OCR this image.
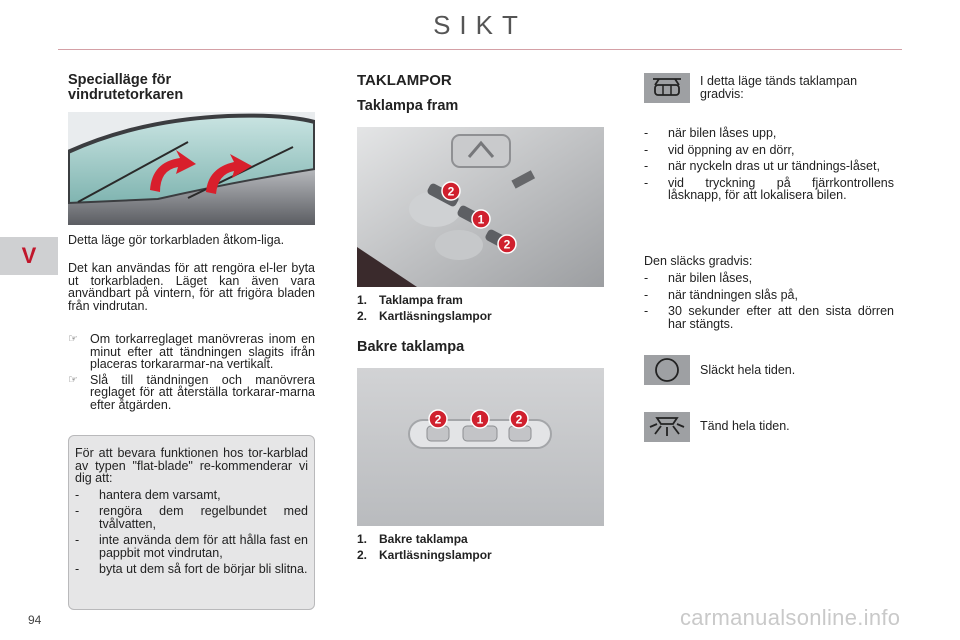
SIKT
V
94	carmanualsonline.info
Specialläge för
vindrutetorkaren

Detta läge gör torkarbladen åtkom-liga.

Det kan användas för att rengöra el-ler byta ut torkarbladen. Läget kan även vara användbart på vintern, för att frigöra bladen från vindrutan.

☞ Om torkarreglaget manövreras inom en minut efter att tändningen slagits ifrån placeras torkararmar-na vertikalt.
☞ Slå till tändningen och manövrera reglaget för att återställa torkarar-marna efter åtgärden.

För att bevara funktionen hos tor-karblad av typen "flat-blade" re-kommenderar vi dig att:

-	hantera dem varsamt,
-	rengöra dem regelbundet med tvålvatten,
-	inte använda dem för att hålla fast en pappbit mot vindrutan,
-	byta ut dem så fort de börjar bli slitna.
TAKLAMPOR
Taklampa fram
2
1
2
1. Taklampa fram
2. Kartläsningslampor
Bakre taklampa
2	1	2
1. Bakre taklampa
2. Kartläsningslampor

I detta läge tänds taklampan gradvis:

-	när bilen låses upp,
-	vid öppning av en dörr,
-	när nyckeln dras ut ur tändnings-låset,
-	vid tryckning på fjärrkontrollens låsknapp, för att lokalisera bilen.

Den släcks gradvis:

-	när bilen låses,
-	när tändningen slås på,
-	30 sekunder efter att den sista dörren har stängts.

Släckt hela tiden.

Tänd hela tiden.
